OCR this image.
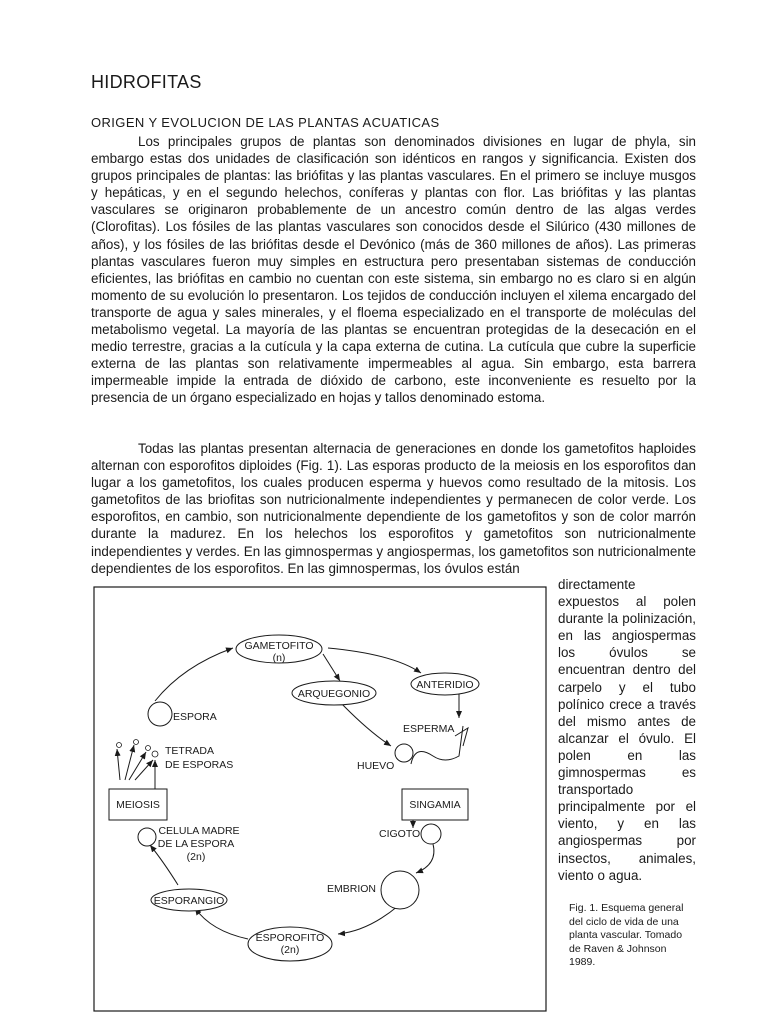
HIDROFITAS
ORIGEN Y EVOLUCION DE LAS PLANTAS ACUATICAS

Los principales grupos de plantas son denominados divisiones en lugar de phyla, sin embargo estas dos unidades de clasificación son idénticos en rangos y significancia. Existen dos grupos principales de plantas: las briófitas y las plantas vasculares. En el primero se incluye musgos y hepáticas, y en el segundo helechos, coníferas y plantas con flor. Las briófitas y las plantas vasculares se originaron probablemente de un ancestro común dentro de las algas verdes (Clorofitas). Los fósiles de las plantas vasculares son conocidos desde el Silúrico (430 millones de años), y los fósiles de las briófitas desde el Devónico (más de 360 millones de años). Las primeras plantas vasculares fueron muy simples en estructura pero presentaban sistemas de conducción eficientes, las briófitas en cambio no cuentan con este sistema, sin embargo no es claro si en algún momento de su evolución lo presentaron. Los tejidos de conducción incluyen el xilema encargado del transporte de agua y sales minerales, y el floema especializado en el transporte de moléculas del metabolismo vegetal. La mayoría de las plantas se encuentran protegidas de la desecación en el medio terrestre, gracias a la cutícula y la capa externa de cutina. La cutícula que cubre la superficie externa de las plantas son relativamente impermeables al agua. Sin embargo, esta barrera impermeable impide la entrada de dióxido de carbono, este inconveniente es resuelto por la presencia de un órgano especializado en hojas y tallos denominado estoma.

Todas las plantas presentan alternacia de generaciones en donde los gametofitos haploides alternan con esporofitos diploides (Fig. 1). Las esporas producto de la meiosis en los esporofitos dan lugar a los gametofitos, los cuales producen esperma y huevos como resultado de la mitosis. Los gametofitos de las briofitas son nutricionalmente independientes y permanecen de color verde. Los esporofitos, en cambio, son nutricionalmente dependiente de los gametofitos y son de color marrón durante la madurez. En los helechos los esporofitos y gametofitos son nutricionalmente independientes y verdes. En las gimnospermas y angiospermas, los gametofitos son nutricionalmente dependientes de los esporofitos. En las gimnospermas, los óvulos están

directamente expuestos al polen durante la polinización, en las angiospermas los óvulos se encuentran dentro del carpelo y el tubo polínico crece a través del mismo antes de alcanzar el óvulo. El polen en las gimnospermas es transportado principalmente por el viento, y en las angiospermas por insectos, animales, viento o agua.

Fig. 1. Esquema general del ciclo de vida de una planta vascular. Tomado de Raven & Johnson 1989.

GAMETOFITO
(n)
ARQUEGONIO
ANTERIDIO
ESPORANGIO
ESPOROFITO
(2n)
MEIOSIS	SINGAMIA
CELULA MADRE
DE LA ESPORA
(2n)
ESPORA
ESPERMA
TETRADA
DE ESPORAS	HUEVO
CIGOTO
EMBRION
